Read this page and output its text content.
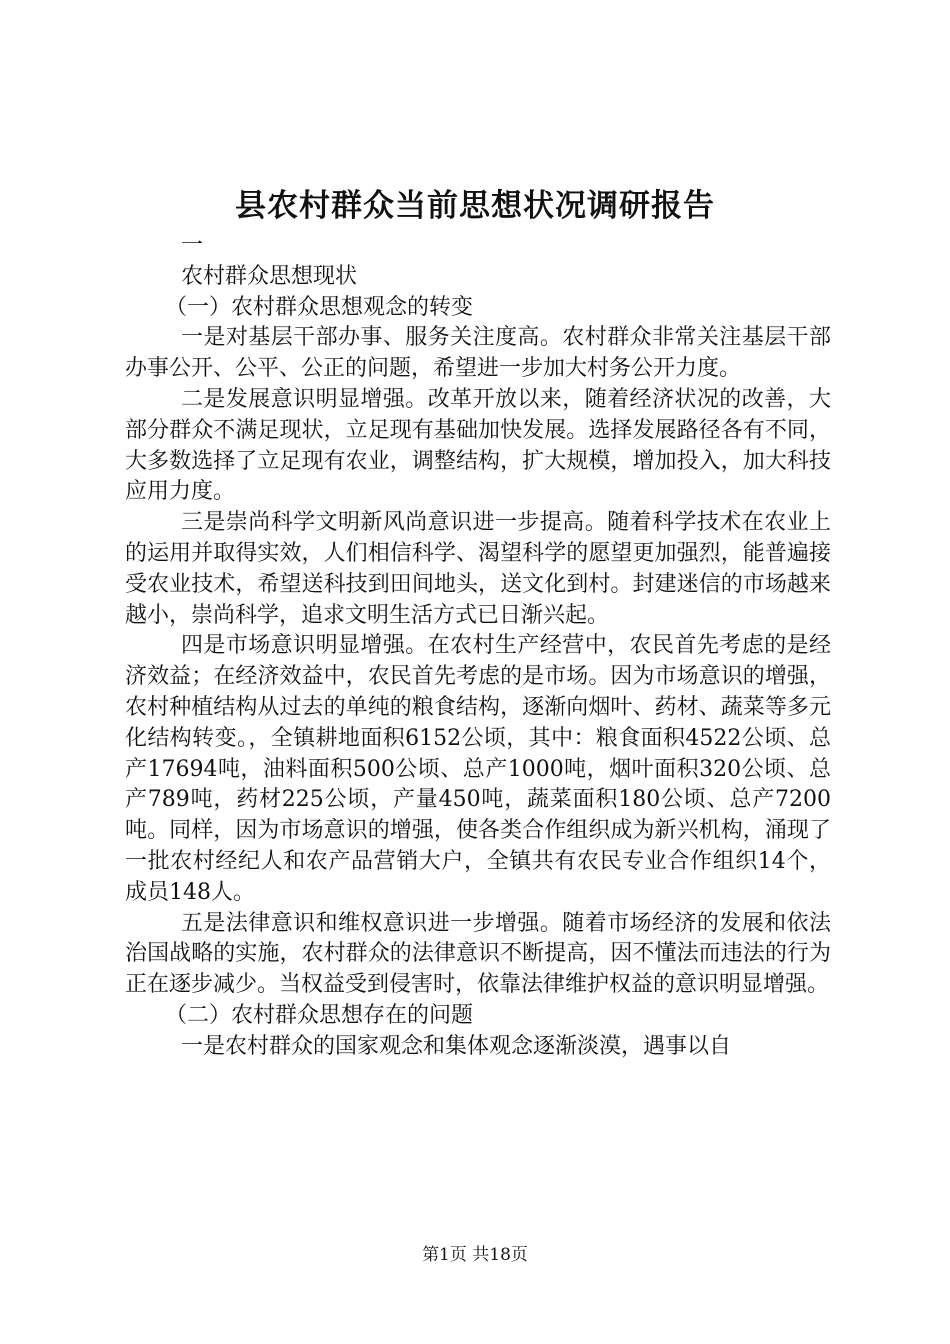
县农村群众当前思想状况调研报告

一

农村群众思想现状

（一）农村群众思想观念的转变

一是对基层干部办事、服务关注度高。农村群众非常关注基层干部办事公开、公平、公正的问题，希望进一步加大村务公开力度。

二是发展意识明显增强。改革开放以来，随着经济状况的改善，大部分群众不满足现状，立足现有基础加快发展。选择发展路径各有不同，大多数选择了立足现有农业，调整结构，扩大规模，增加投入，加大科技应用力度。

三是崇尚科学文明新风尚意识进一步提高。随着科学技术在农业上的运用并取得实效，人们相信科学、渴望科学的愿望更加强烈，能普遍接受农业技术，希望送科技到田间地头，送文化到村。封建迷信的市场越来越小，崇尚科学，追求文明生活方式已日渐兴起。

四是市场意识明显增强。在农村生产经营中，农民首先考虑的是经济效益；在经济效益中，农民首先考虑的是市场。因为市场意识的增强，农村种植结构从过去的单纯的粮食结构，逐渐向烟叶、药材、蔬菜等多元化结构转变。，全镇耕地面积6152公顷，其中：粮食面积4522公顷、总产17694吨，油料面积500公顷、总产1000吨，烟叶面积320公顷、总产789吨，药材225公顷，产量450吨，蔬菜面积180公顷、总产7200吨。同样，因为市场意识的增强，使各类合作组织成为新兴机构，涌现了一批农村经纪人和农产品营销大户，全镇共有农民专业合作组织14个，成员148人。

五是法律意识和维权意识进一步增强。随着市场经济的发展和依法治国战略的实施，农村群众的法律意识不断提高，因不懂法而违法的行为正在逐步减少。当权益受到侵害时，依靠法律维护权益的意识明显增强。

（二）农村群众思想存在的问题

一是农村群众的国家观念和集体观念逐渐淡漠，遇事以自

第1页 共18页
